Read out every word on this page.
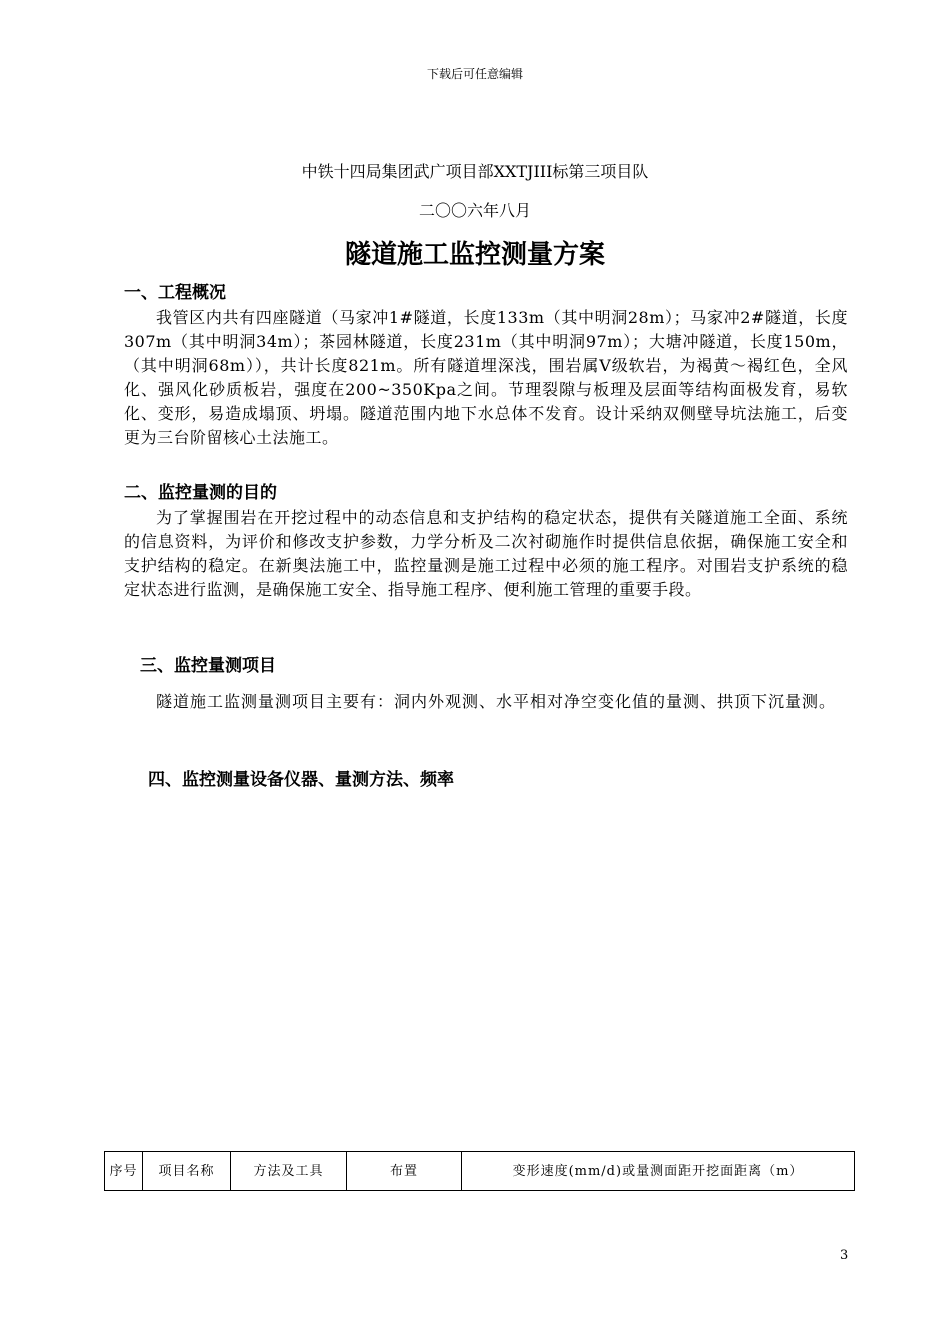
下载后可任意编辑
中铁十四局集团武广项目部XXTJIII标第三项目队
二〇〇六年八月
隧道施工监控测量方案
一、工程概况
我管区内共有四座隧道（马家冲1#隧道，长度133m（其中明洞28m）；马家冲2#隧道，长度307m（其中明洞34m）；茶园林隧道，长度231m（其中明洞97m）；大塘冲隧道，长度150m，（其中明洞68m）），共计长度821m。所有隧道埋深浅，围岩属Ⅴ级软岩，为褐黄～褐红色，全风化、强风化砂质板岩，强度在200~350Kpa之间。节理裂隙与板理及层面等结构面极发育，易软化、变形，易造成塌顶、坍塌。隧道范围内地下水总体不发育。设计采纳双侧壁导坑法施工，后变更为三台阶留核心土法施工。
二、监控量测的目的
为了掌握围岩在开挖过程中的动态信息和支护结构的稳定状态，提供有关隧道施工全面、系统的信息资料，为评价和修改支护参数，力学分析及二次衬砌施作时提供信息依据，确保施工安全和支护结构的稳定。在新奥法施工中，监控量测是施工过程中必须的施工程序。对围岩支护系统的稳定状态进行监测，是确保施工安全、指导施工程序、便利施工管理的重要手段。
三、监控量测项目
隧道施工监测量测项目主要有：洞内外观测、水平相对净空变化值的量测、拱顶下沉量测。
四、监控测量设备仪器、量测方法、频率
序号	项目名称	方法及工具	布置	变形速度(mm/d)或量测面距开挖面距离（m）
3
